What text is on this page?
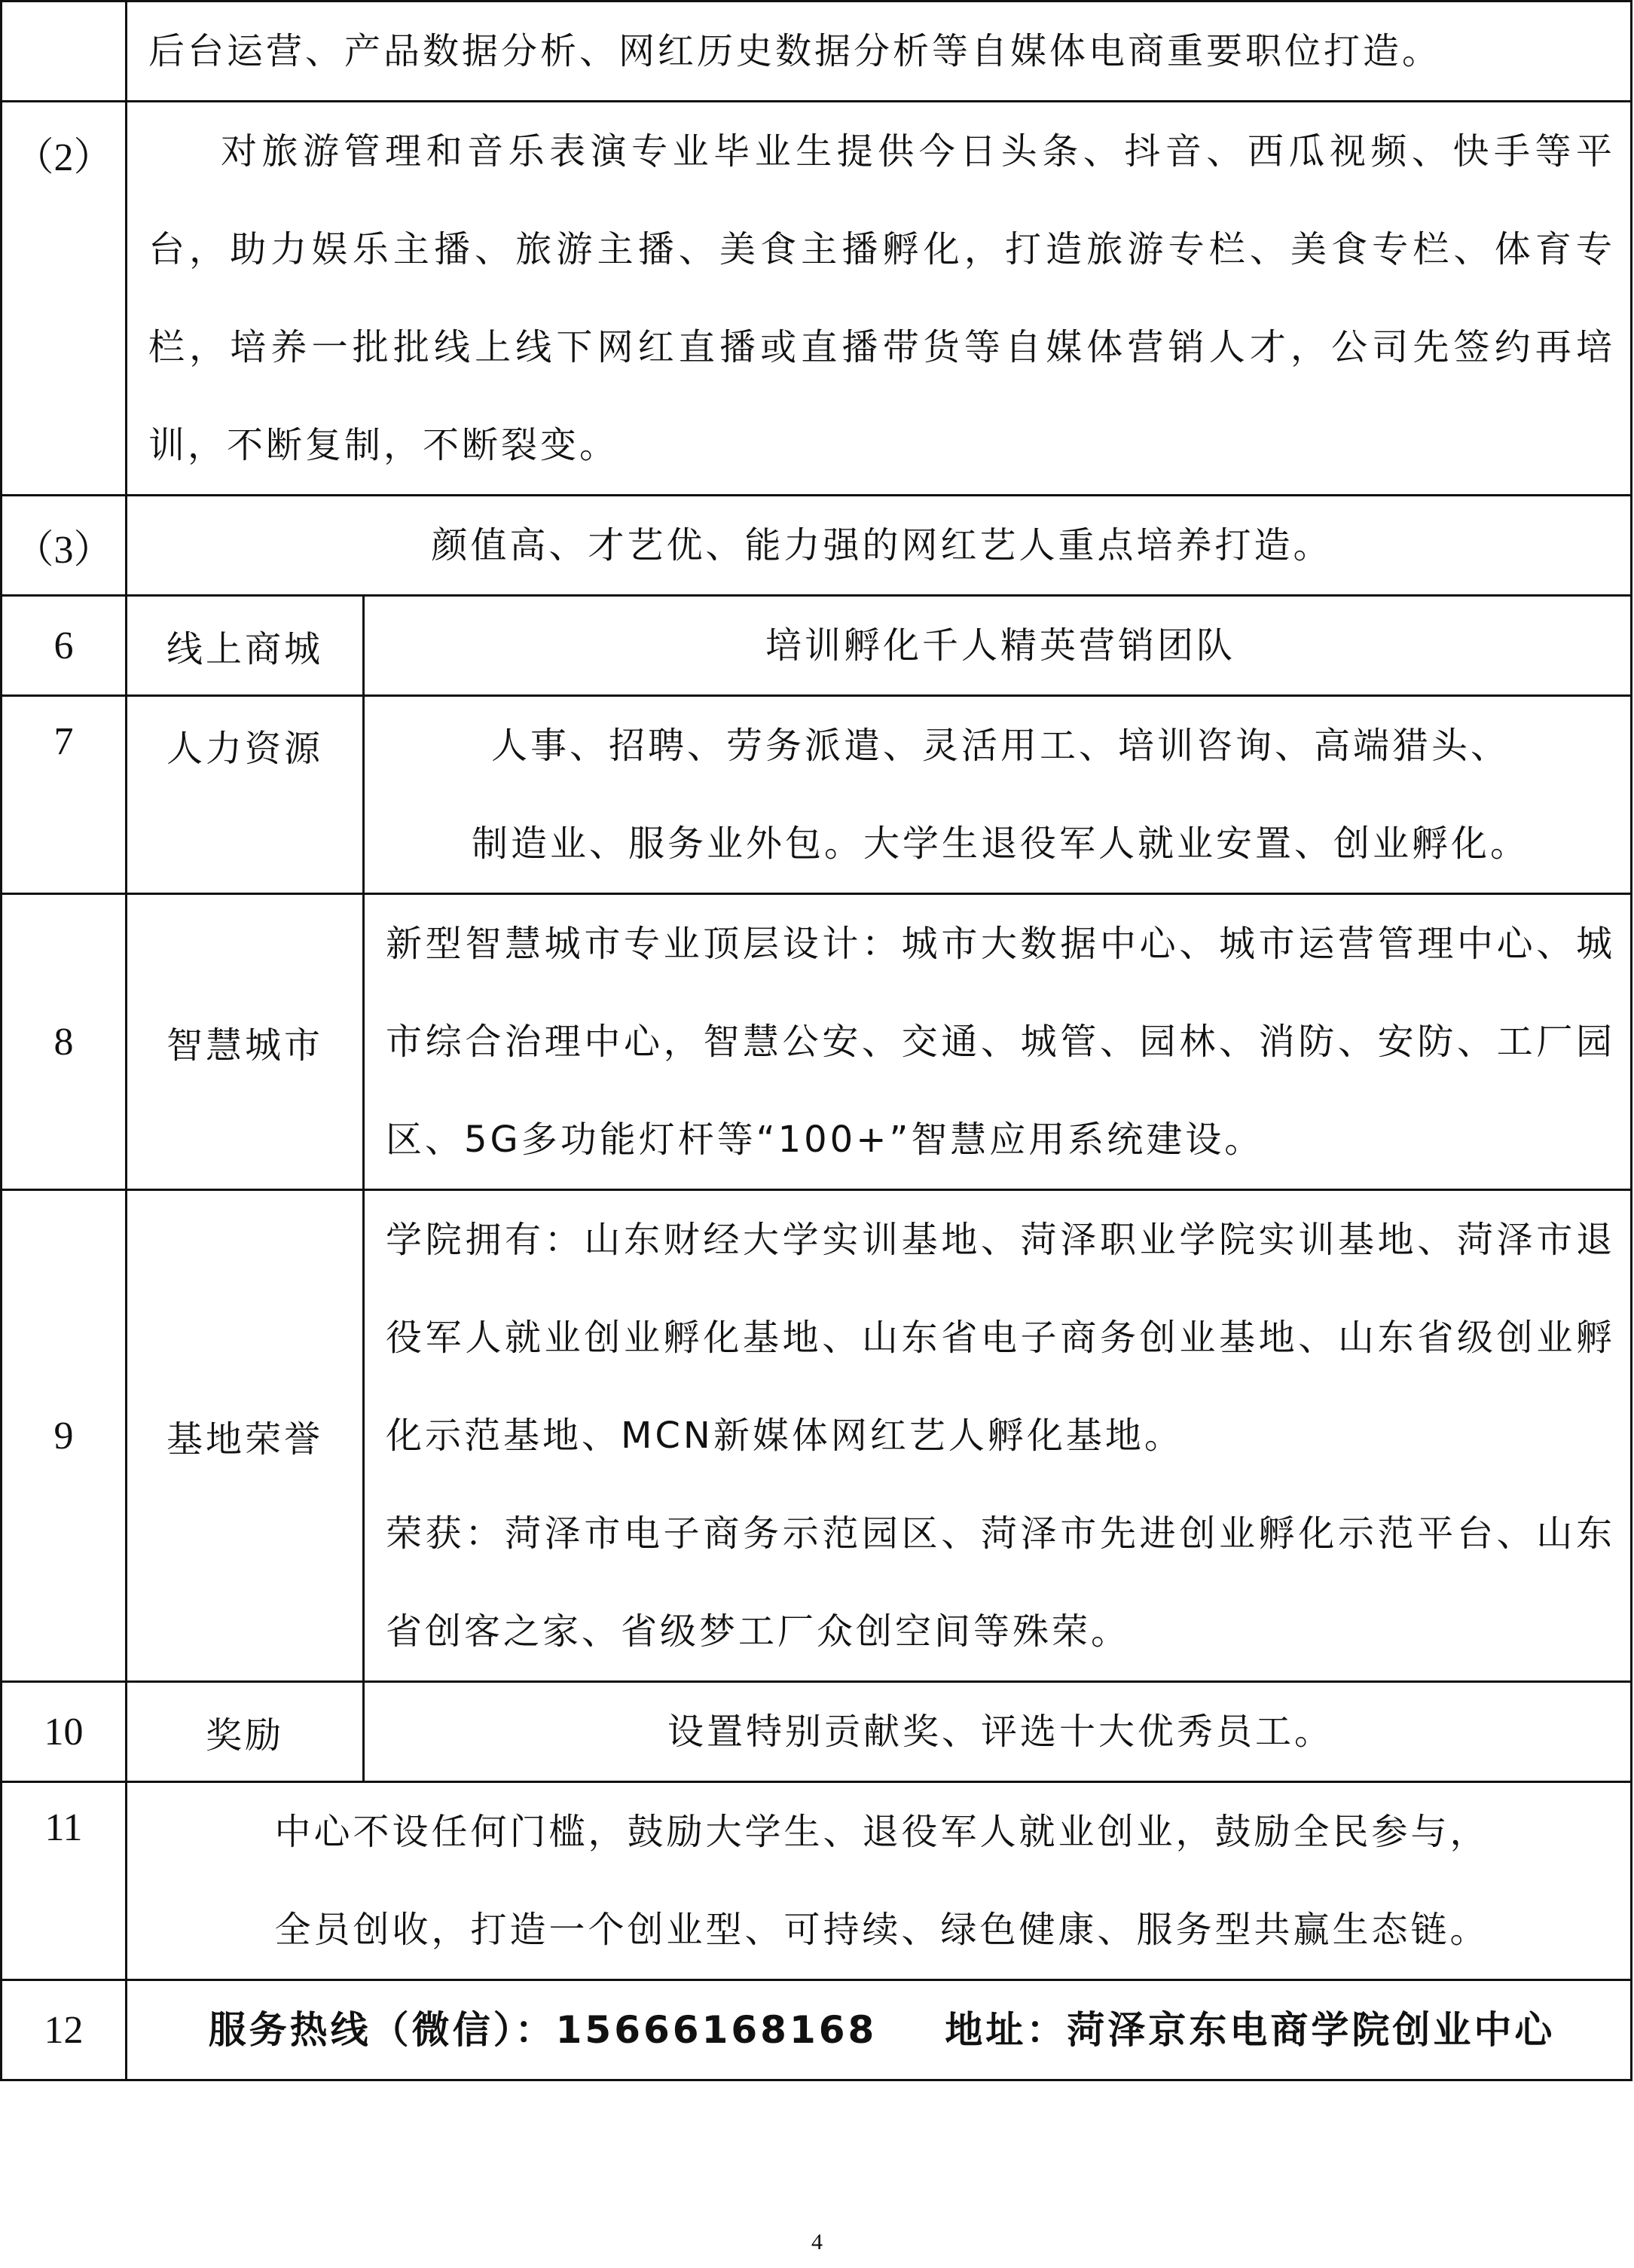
	后台运营、产品数据分析、网红历史数据分析等自媒体电商重要职位打造。	
（2）	对旅游管理和音乐表演专业毕业生提供今日头条、抖音、西瓜视频、快手等平台，助力娱乐主播、旅游主播、美食主播孵化，打造旅游专栏、美食专栏、体育专栏，培养一批批线上线下网红直播或直播带货等自媒体营销人才，公司先签约再培训，不断复制，不断裂变。	
（3）	颜值高、才艺优、能力强的网红艺人重点培养打造。	
6	线上商城	培训孵化千人精英营销团队
7	人力资源	人事、招聘、劳务派遣、灵活用工、培训咨询、高端猎头、
制造业、服务业外包。大学生退役军人就业安置、创业孵化。

8	智慧城市	新型智慧城市专业顶层设计：城市大数据中心、城市运营管理中心、城市综合治理中心，智慧公安、交通、城管、园林、消防、安防、工厂园区、5G多功能灯杆等“100+”智慧应用系统建设。
9	基地荣誉	学院拥有：山东财经大学实训基地、菏泽职业学院实训基地、菏泽市退役军人就业创业孵化基地、山东省电子商务创业基地、山东省级创业孵化示范基地、MCN新媒体网红艺人孵化基地。
荣获：菏泽市电子商务示范园区、菏泽市先进创业孵化示范平台、山东省创客之家、省级梦工厂众创空间等殊荣。

10	奖励	设置特别贡献奖、评选十大优秀员工。
11	中心不设任何门槛，鼓励大学生、退役军人就业创业，鼓励全民参与，
全员创收，打造一个创业型、可持续、绿色健康、服务型共赢生态链。	

12	服务热线（微信）：15666168168 地址：菏泽京东电商学院创业中心	
4
